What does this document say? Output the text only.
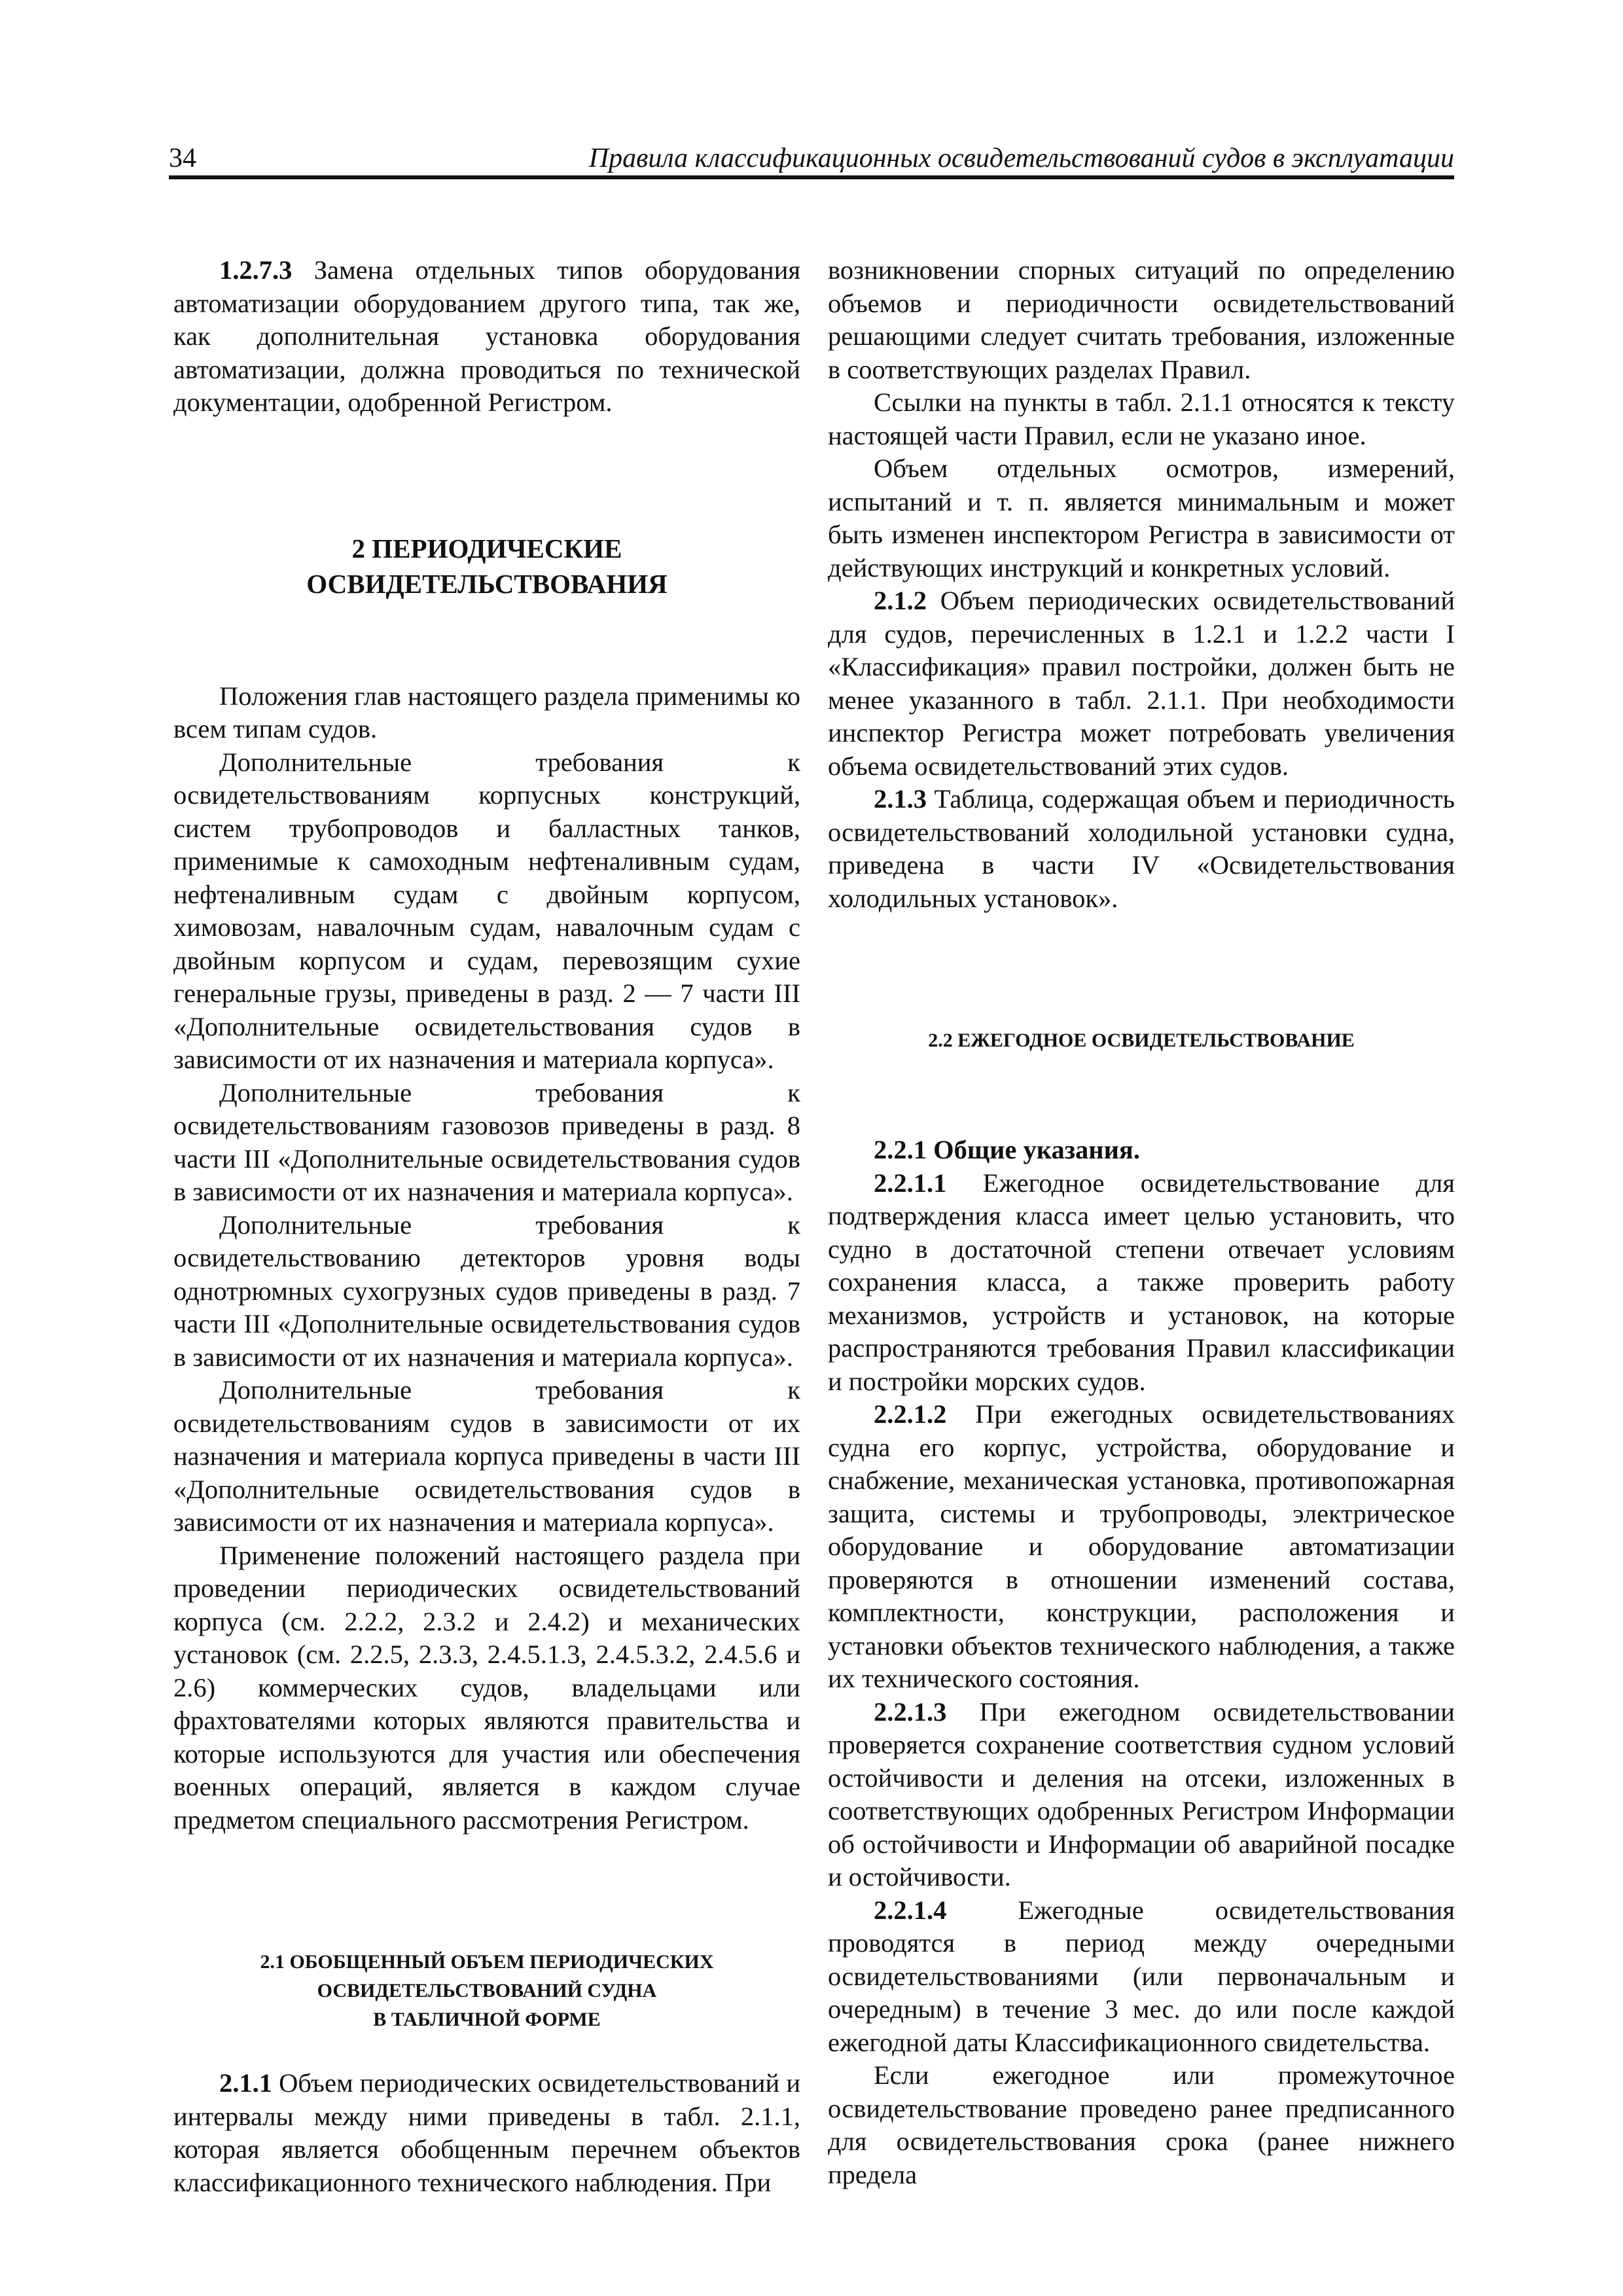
34	Правила классификационных освидетельствований судов в эксплуатации

1.2.7.3 Замена отдельных типов оборудования автоматизации оборудованием другого типа, так же, как дополнительная установка оборудования автоматизации, должна проводиться по технической документации, одобренной Регистром.

2 ПЕРИОДИЧЕСКИЕ
ОСВИДЕТЕЛЬСТВОВАНИЯ

Положения глав настоящего раздела применимы ко всем типам судов.

Дополнительные требования к освидетельствованиям корпусных конструкций, систем трубопроводов и балластных танков, применимые к самоходным нефтеналивным судам, нефтеналивным судам с двойным корпусом, химовозам, навалочным судам, навалочным судам с двойным корпусом и судам, перевозящим сухие генеральные грузы, приведены в разд. 2 — 7 части III «Дополнительные освидетельствования судов в зависимости от их назначения и материала корпуса».

Дополнительные требования к освидетельствованиям газовозов приведены в разд. 8 части III «Дополнительные освидетельствования судов в зависимости от их назначения и материала корпуса».

Дополнительные требования к освидетельствованию детекторов уровня воды однотрюмных сухогрузных судов приведены в разд. 7 части III «Дополнительные освидетельствования судов в зависимости от их назначения и материала корпуса».

Дополнительные требования к освидетельствованиям судов в зависимости от их назначения и материала корпуса приведены в части III «Дополнительные освидетельствования судов в зависимости от их назначения и материала корпуса».

Применение положений настоящего раздела при проведении периодических освидетельствований корпуса (см. 2.2.2, 2.3.2 и 2.4.2) и механических установок (см. 2.2.5, 2.3.3, 2.4.5.1.3, 2.4.5.3.2, 2.4.5.6 и 2.6) коммерческих судов, владельцами или фрахтователями которых являются правительства и которые используются для участия или обеспечения военных операций, является в каждом случае предметом специального рассмотрения Регистром.

2.1 ОБОБЩЕННЫЙ ОБЪЕМ ПЕРИОДИЧЕСКИХ
ОСВИДЕТЕЛЬСТВОВАНИЙ СУДНА
В ТАБЛИЧНОЙ ФОРМЕ

2.1.1 Объем периодических освидетельствований и интервалы между ними приведены в табл. 2.1.1, которая является обобщенным перечнем объектов классификационного технического наблюдения. При

возникновении спорных ситуаций по определению объемов и периодичности освидетельствований решающими следует считать требования, изложенные в соответствующих разделах Правил.

Ссылки на пункты в табл. 2.1.1 относятся к тексту настоящей части Правил, если не указано иное.

Объем отдельных осмотров, измерений, испытаний и т. п. является минимальным и может быть изменен инспектором Регистра в зависимости от действующих инструкций и конкретных условий.

2.1.2 Объем периодических освидетельствований для судов, перечисленных в 1.2.1 и 1.2.2 части I «Классификация» правил постройки, должен быть не менее указанного в табл. 2.1.1. При необходимости инспектор Регистра может потребовать увеличения объема освидетельствований этих судов.

2.1.3 Таблица, содержащая объем и периодичность освидетельствований холодильной установки судна, приведена в части IV «Освидетельствования холодильных установок».

2.2 ЕЖЕГОДНОЕ ОСВИДЕТЕЛЬСТВОВАНИЕ

2.2.1 Общие указания.

2.2.1.1 Ежегодное освидетельствование для подтверждения класса имеет целью установить, что судно в достаточной степени отвечает условиям сохранения класса, а также проверить работу механизмов, устройств и установок, на которые распространяются требования Правил классификации и постройки морских судов.

2.2.1.2 При ежегодных освидетельствованиях судна его корпус, устройства, оборудование и снабжение, механическая установка, противопожарная защита, системы и трубопроводы, электрическое оборудование и оборудование автоматизации проверяются в отношении изменений состава, комплектности, конструкции, расположения и установки объектов технического наблюдения, а также их технического состояния.

2.2.1.3 При ежегодном освидетельствовании проверяется сохранение соответствия судном условий остойчивости и деления на отсеки, изложенных в соответствующих одобренных Регистром Информации об остойчивости и Информации об аварийной посадке и остойчивости.

2.2.1.4 Ежегодные освидетельствования проводятся в период между очередными освидетельствованиями (или первоначальным и очередным) в течение 3 мес. до или после каждой ежегодной даты Классификационного свидетельства.

Если ежегодное или промежуточное освидетельствование проведено ранее предписанного для освидетельствования срока (ранее нижнего предела
